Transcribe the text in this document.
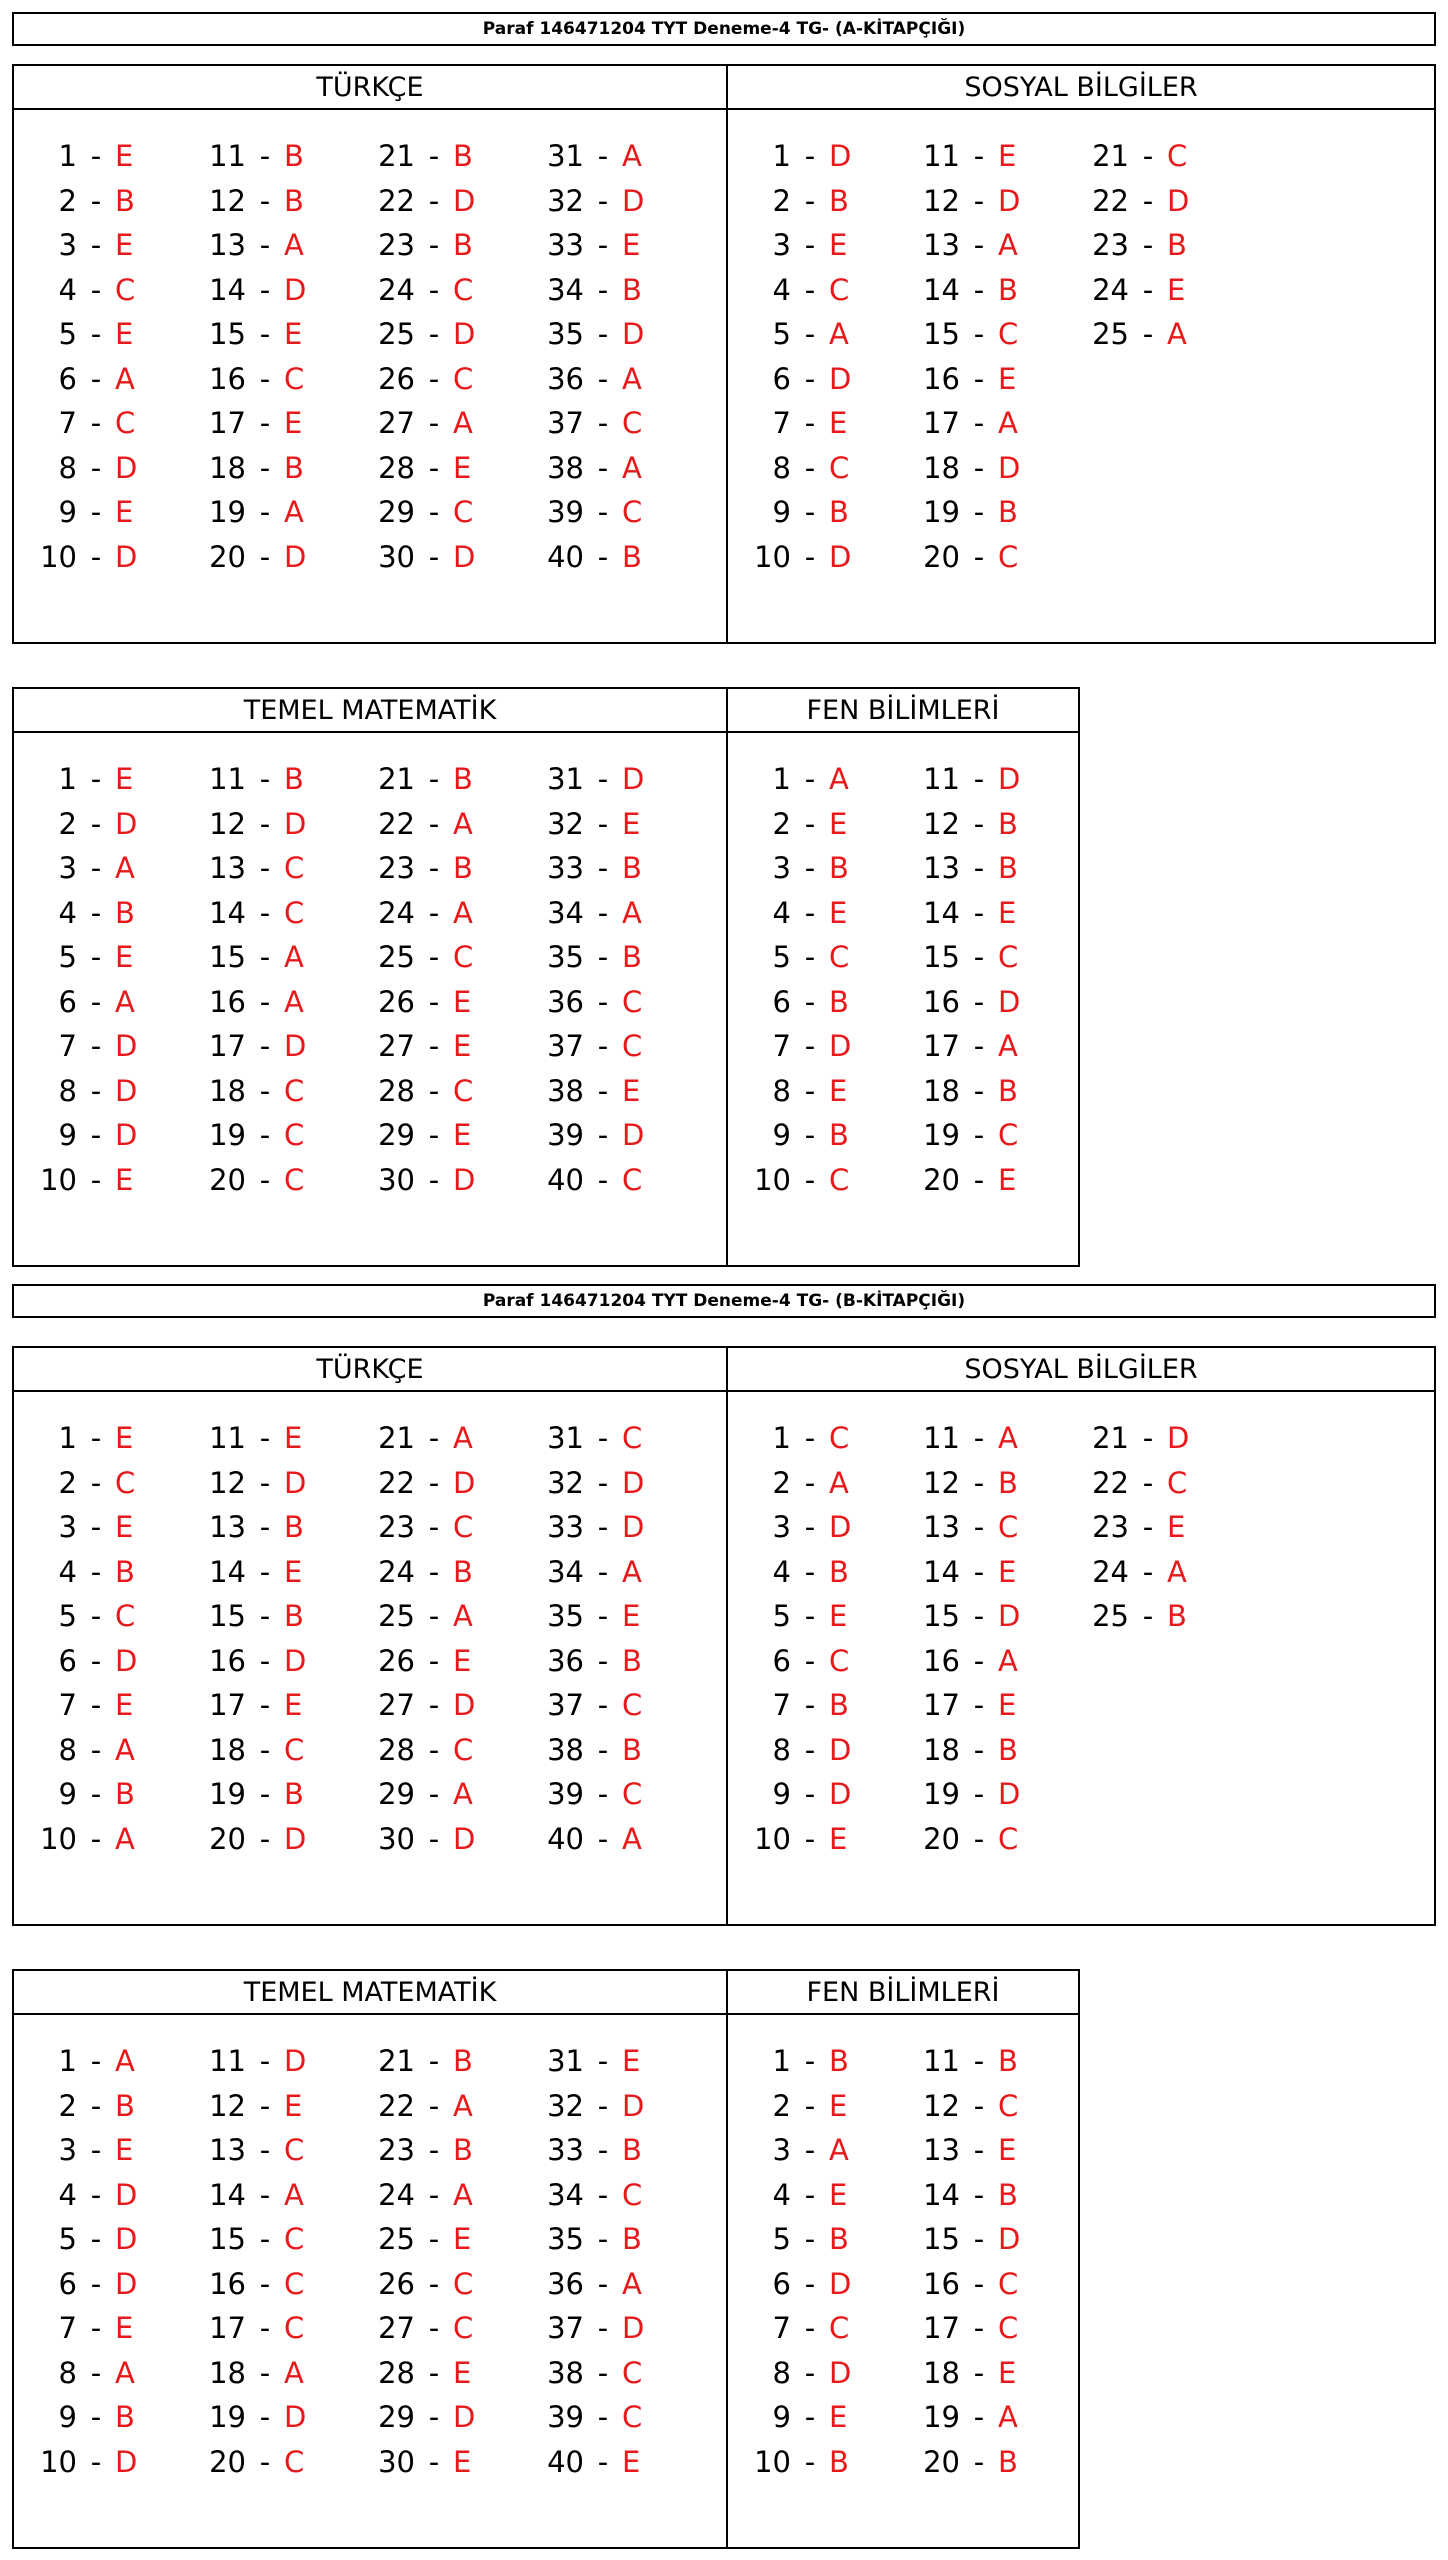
Paraf 146471204 TYT Deneme-4 TG- (A-KİTAPÇIĞI)
TÜRKÇE
1 - E
2 - B
3 - E
4 - C
5 - E
6 - A
7 - C
8 - D
9 - E
10 - D
11 - B
12 - B
13 - A
14 - D
15 - E
16 - C
17 - E
18 - B
19 - A
20 - D
21 - B
22 - D
23 - B
24 - C
25 - D
26 - C
27 - A
28 - E
29 - C
30 - D
31 - A
32 - D
33 - E
34 - B
35 - D
36 - A
37 - C
38 - A
39 - C
40 - B
SOSYAL BİLGİLER
1 - D
2 - B
3 - E
4 - C
5 - A
6 - D
7 - E
8 - C
9 - B
10 - D
11 - E
12 - D
13 - A
14 - B
15 - C
16 - E
17 - A
18 - D
19 - B
20 - C
21 - C
22 - D
23 - B
24 - E
25 - A
TEMEL MATEMATİK
1 - E
2 - D
3 - A
4 - B
5 - E
6 - A
7 - D
8 - D
9 - D
10 - E
11 - B
12 - D
13 - C
14 - C
15 - A
16 - A
17 - D
18 - C
19 - C
20 - C
21 - B
22 - A
23 - B
24 - A
25 - C
26 - E
27 - E
28 - C
29 - E
30 - D
31 - D
32 - E
33 - B
34 - A
35 - B
36 - C
37 - C
38 - E
39 - D
40 - C
FEN BİLİMLERİ
1 - A
2 - E
3 - B
4 - E
5 - C
6 - B
7 - D
8 - E
9 - B
10 - C
11 - D
12 - B
13 - B
14 - E
15 - C
16 - D
17 - A
18 - B
19 - C
20 - E
Paraf 146471204 TYT Deneme-4 TG- (B-KİTAPÇIĞI)
TÜRKÇE
1 - E
2 - C
3 - E
4 - B
5 - C
6 - D
7 - E
8 - A
9 - B
10 - A
11 - E
12 - D
13 - B
14 - E
15 - B
16 - D
17 - E
18 - C
19 - B
20 - D
21 - A
22 - D
23 - C
24 - B
25 - A
26 - E
27 - D
28 - C
29 - A
30 - D
31 - C
32 - D
33 - D
34 - A
35 - E
36 - B
37 - C
38 - B
39 - C
40 - A
SOSYAL BİLGİLER
1 - C
2 - A
3 - D
4 - B
5 - E
6 - C
7 - B
8 - D
9 - D
10 - E
11 - A
12 - B
13 - C
14 - E
15 - D
16 - A
17 - E
18 - B
19 - D
20 - C
21 - D
22 - C
23 - E
24 - A
25 - B
TEMEL MATEMATİK
1 - A
2 - B
3 - E
4 - D
5 - D
6 - D
7 - E
8 - A
9 - B
10 - D
11 - D
12 - E
13 - C
14 - A
15 - C
16 - C
17 - C
18 - A
19 - D
20 - C
21 - B
22 - A
23 - B
24 - A
25 - E
26 - C
27 - C
28 - E
29 - D
30 - E
31 - E
32 - D
33 - B
34 - C
35 - B
36 - A
37 - D
38 - C
39 - C
40 - E
FEN BİLİMLERİ
1 - B
2 - E
3 - A
4 - E
5 - B
6 - D
7 - C
8 - D
9 - E
10 - B
11 - B
12 - C
13 - E
14 - B
15 - D
16 - C
17 - C
18 - E
19 - A
20 - B
